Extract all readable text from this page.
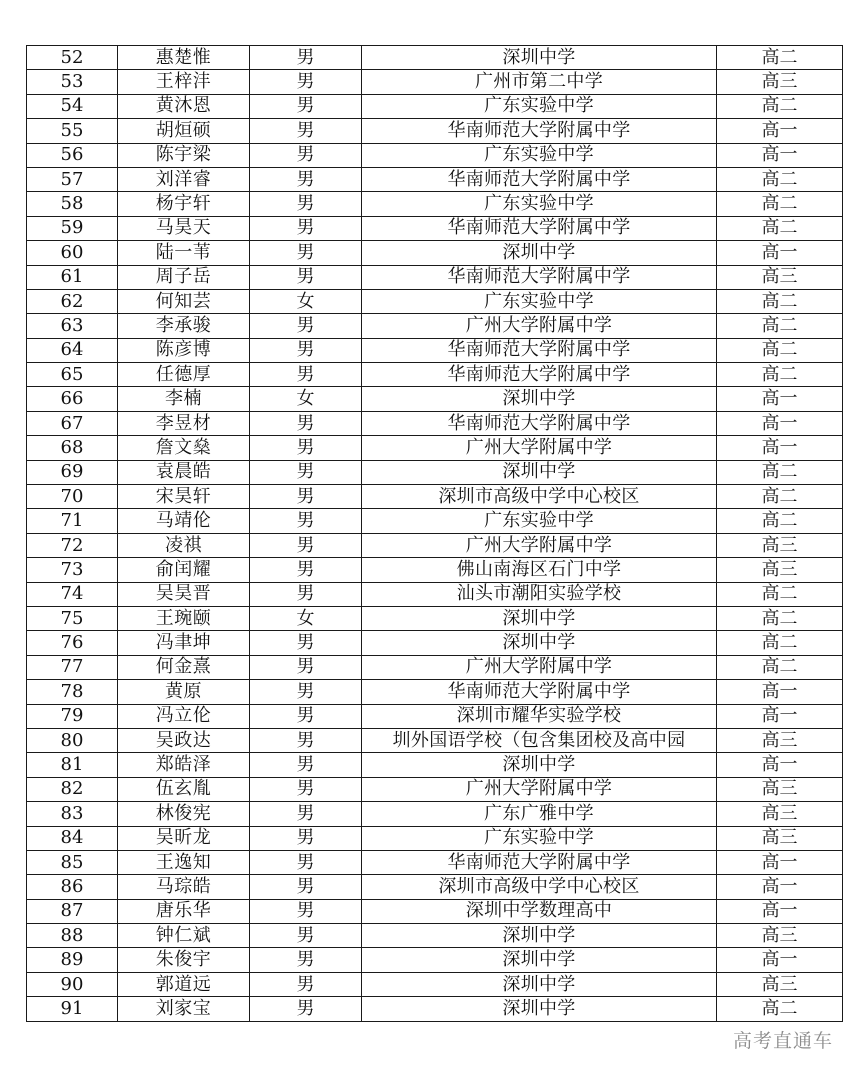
52	惠楚惟	男	深圳中学	高二
53	王梓沣	男	广州市第二中学	高三
54	黄沐恩	男	广东实验中学	高二
55	胡烜硕	男	华南师范大学附属中学	高一
56	陈宇梁	男	广东实验中学	高一
57	刘洋睿	男	华南师范大学附属中学	高二
58	杨宇轩	男	广东实验中学	高二
59	马昊天	男	华南师范大学附属中学	高二
60	陆一苇	男	深圳中学	高一
61	周子岳	男	华南师范大学附属中学	高三
62	何知芸	女	广东实验中学	高二
63	李承骏	男	广州大学附属中学	高二
64	陈彦博	男	华南师范大学附属中学	高二
65	任德厚	男	华南师范大学附属中学	高二
66	李楠	女	深圳中学	高一
67	李昱材	男	华南师范大学附属中学	高一
68	詹文燊	男	广州大学附属中学	高一
69	袁晨皓	男	深圳中学	高二
70	宋昊轩	男	深圳市高级中学中心校区	高二
71	马靖伦	男	广东实验中学	高二
72	凌祺	男	广州大学附属中学	高三
73	俞闰耀	男	佛山南海区石门中学	高三
74	吴昊晋	男	汕头市潮阳实验学校	高二
75	王琬颐	女	深圳中学	高二
76	冯聿坤	男	深圳中学	高二
77	何金熹	男	广州大学附属中学	高二
78	黄原	男	华南师范大学附属中学	高一
79	冯立伦	男	深圳市耀华实验学校	高一
80	吴政达	男	圳外国语学校（包含集团校及高中园	高三
81	郑皓泽	男	深圳中学	高一
82	伍玄胤	男	广州大学附属中学	高三
83	林俊宪	男	广东广雅中学	高三
84	吴昕龙	男	广东实验中学	高三
85	王逸知	男	华南师范大学附属中学	高一
86	马琮皓	男	深圳市高级中学中心校区	高一
87	唐乐华	男	深圳中学数理高中	高一
88	钟仁斌	男	深圳中学	高三
89	朱俊宇	男	深圳中学	高一
90	郭道远	男	深圳中学	高三
91	刘家宝	男	深圳中学	高二
高考直通车
